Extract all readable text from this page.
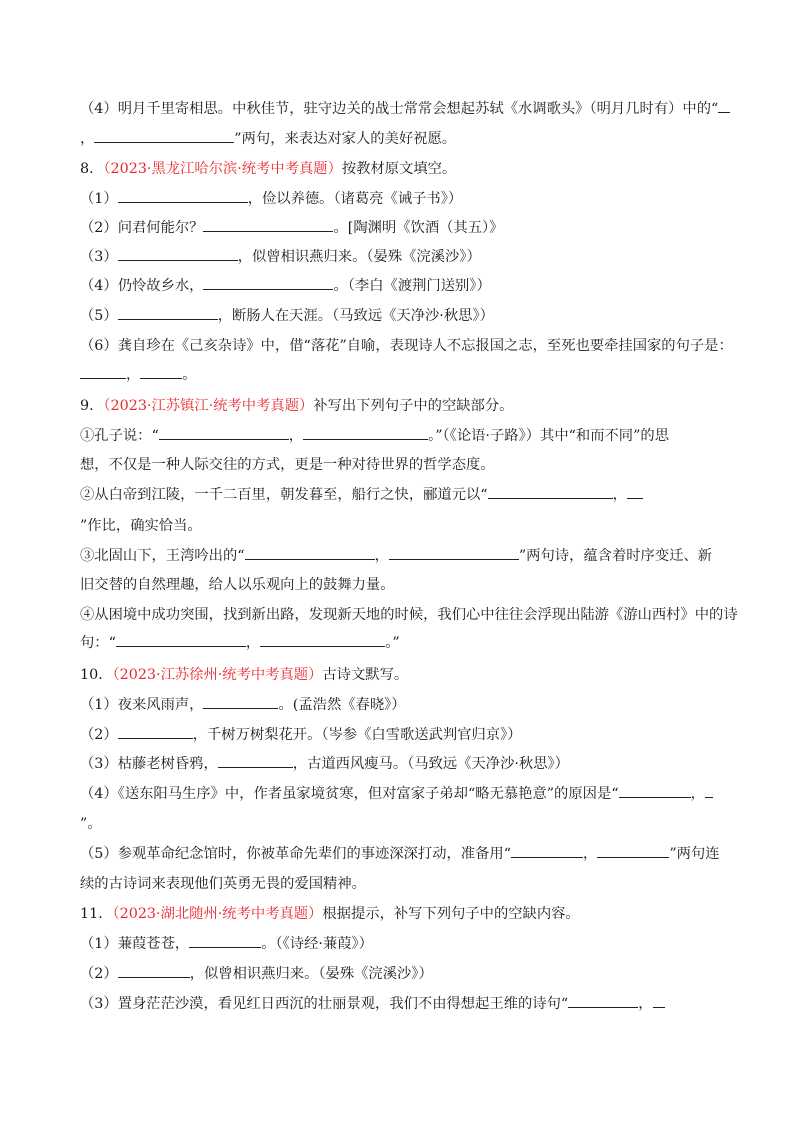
（4）明月千里寄相思。中秋佳节，驻守边关的战士常常会想起苏轼《水调歌头》（明月几时有）中的“
，	”两句，来表达对家人的美好祝愿。
8．（2023·黑龙江哈尔滨·统考中考真题）按教材原文填空。
（1）	，俭以养德。（诸葛亮《诫子书》）
（2）问君何能尔？	。[陶渊明《饮酒（其五）》
（3）	，似曾相识燕归来。（晏殊《浣溪沙》）
（4）仍怜故乡水，	。（李白《渡荆门送别》）
（5）	，断肠人在天涯。（马致远《天净沙·秋思》）
（6）龚自珍在《己亥杂诗》中，借“落花”自喻，表现诗人不忘报国之志，至死也要牵挂国家的句子是：
，	。
9．（2023·江苏镇江·统考中考真题）补写出下列句子中的空缺部分。
①孔子说：“	，	。”（《论语·子路》）其中“和而不同”的思
想，不仅是一种人际交往的方式，更是一种对待世界的哲学态度。
②从白帝到江陵，一千二百里，朝发暮至，船行之快，郦道元以“	，
”作比，确实恰当。
③北固山下，王湾吟出的“	，	”两句诗，蕴含着时序变迁、新
旧交替的自然理趣，给人以乐观向上的鼓舞力量。
④从困境中成功突围，找到新出路，发现新天地的时候，我们心中往往会浮现出陆游《游山西村》中的诗
句：“	，	。”
10．（2023·江苏徐州·统考中考真题）古诗文默写。
（1）夜来风雨声，	。(孟浩然《春晓》）
（2）	，千树万树梨花开。（岑参《白雪歌送武判官归京》）
（3）枯藤老树昏鸦，	，古道西风瘦马。（马致远《天净沙·秋思》）
（4）《送东阳马生序》中，作者虽家境贫寒，但对富家子弟却“略无慕艳意”的原因是“	，
”。
（5）参观革命纪念馆时，你被革命先辈们的事迹深深打动，准备用“	，	”两句连
续的古诗词来表现他们英勇无畏的爱国精神。
11．（2023·湖北随州·统考中考真题）根据提示，补写下列句子中的空缺内容。
（1）蒹葭苍苍，	。（《诗经·蒹葭》）
（2）	，似曾相识燕归来。（晏殊《浣溪沙》）
（3）置身茫茫沙漠，看见红日西沉的壮丽景观，我们不由得想起王维的诗句“	，
